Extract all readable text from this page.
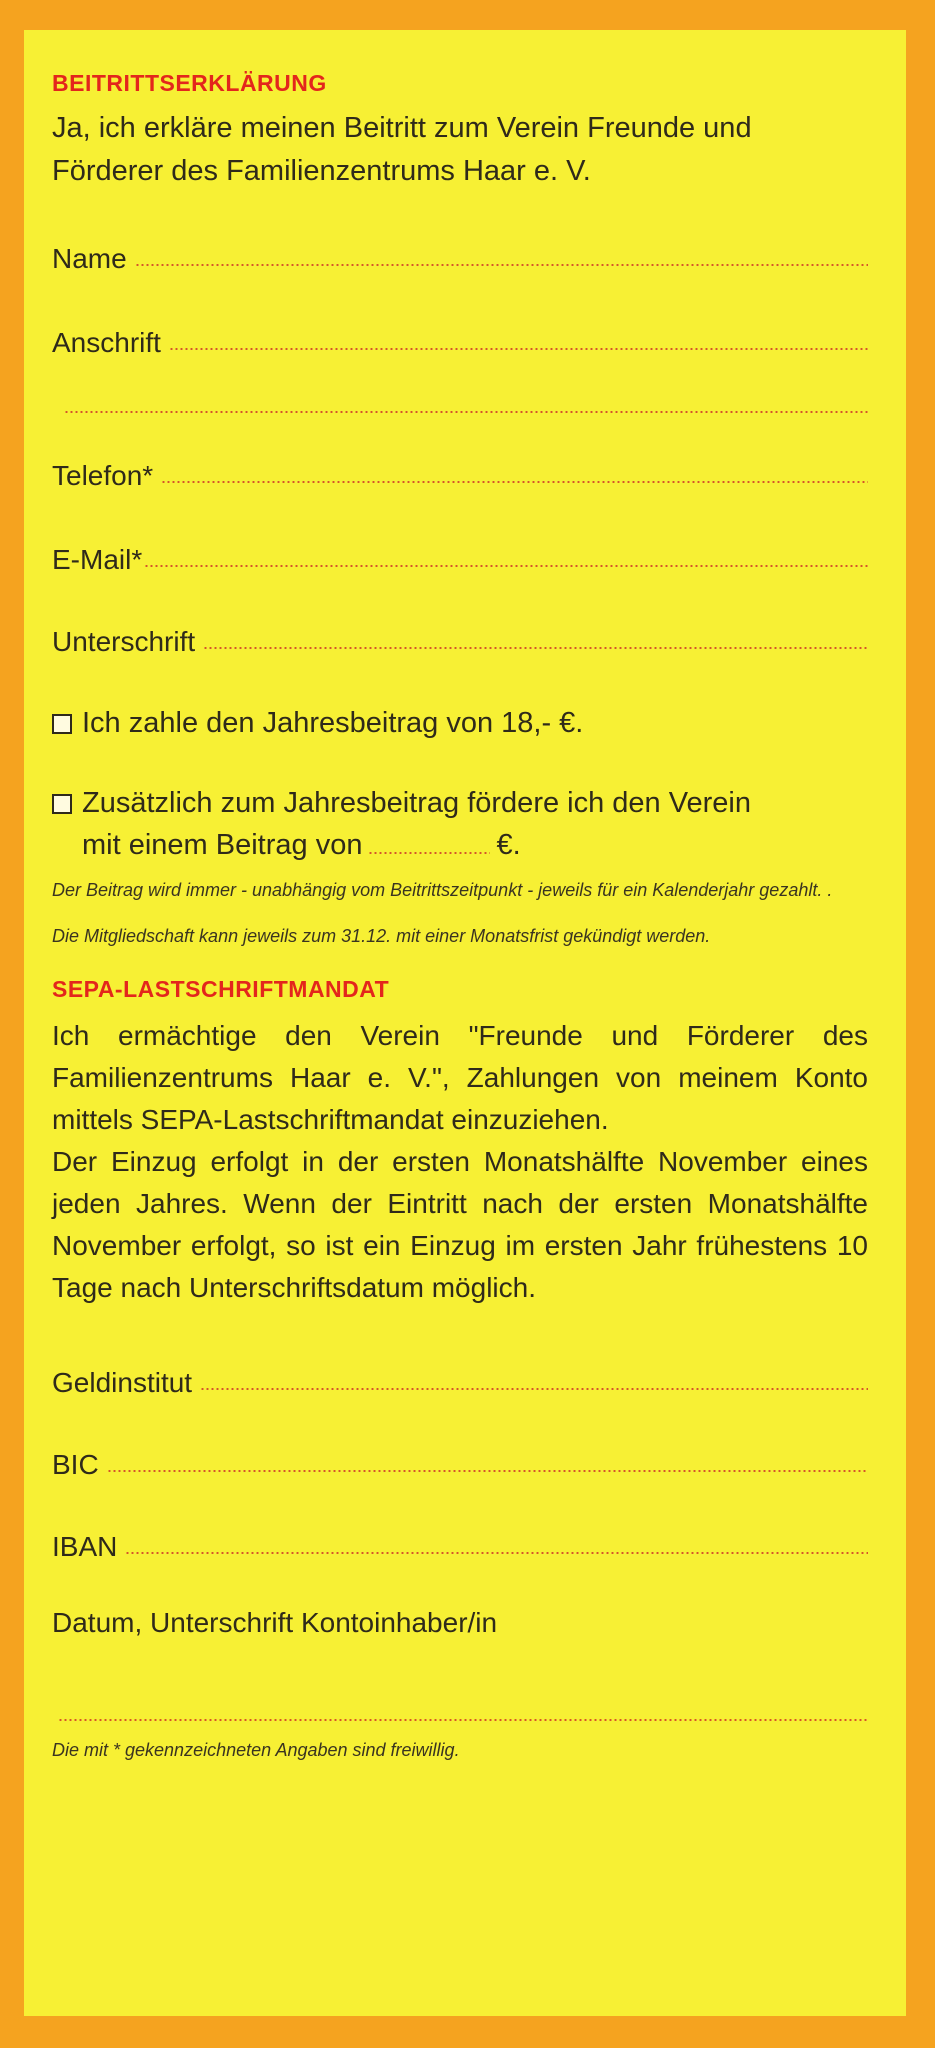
BEITRITTSERKLÄRUNG
Ja, ich erkläre meinen Beitritt zum Verein Freunde und
Förderer des Familienzentrums Haar e. V.
Name
Anschrift
Telefon*
E-Mail*
Unterschrift
Ich zahle den Jahresbeitrag von 18,- €.
Zusätzlich zum Jahresbeitrag fördere ich den Verein
mit einem Beitrag von	€.
Der Beitrag wird immer - unabhängig vom Beitrittszeitpunkt - jeweils für ein Kalenderjahr gezahlt. .
Die Mitgliedschaft kann jeweils zum 31.12. mit einer Monatsfrist gekündigt werden.
SEPA-LASTSCHRIFTMANDAT
Ich ermächtige den Verein "Freunde und Förderer des Familienzentrums Haar e. V.", Zahlungen von meinem Konto mittels SEPA-Lastschriftmandat einzuziehen.
Der Einzug erfolgt in der ersten Monatshälfte November eines jeden Jahres. Wenn der Eintritt nach der ersten Monatshälfte November erfolgt, so ist ein Einzug im ersten Jahr frühestens 10 Tage nach Unterschriftsdatum möglich.
Geldinstitut
BIC
IBAN
Datum, Unterschrift Kontoinhaber/in
Die mit * gekennzeichneten Angaben sind freiwillig.
